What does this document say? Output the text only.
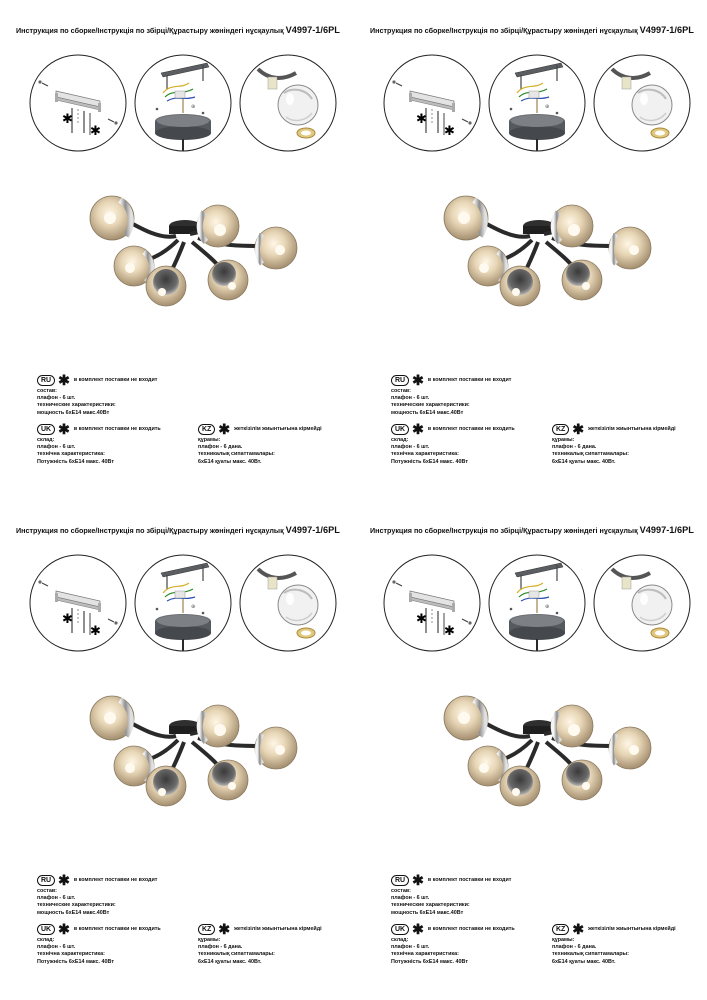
Инструкция по сборке/Інструкція по збірці/Құрастыру жөніндегі нұсқаулық V4997-1/6PL
✱
✱
⊕
RU ✱ в комплект поставки не входит
состав:
плафон - 6 шт.
технические характеристики:
мощность 6хЕ14 макс.40Вт
UK ✱ в комплект поставки не входить
склад:
плафон - 6 шт.
технічна характеристика:
Потужність 6хЕ14 макс. 40Вт
KZ ✱ жеткізілім жиынтығына кірмейді
құрамы:
плафон - 6 дана.
техникалық сипаттамалары:
6хЕ14 қуаты макс. 40Вт.
Инструкция по сборке/Інструкція по збірці/Құрастыру жөніндегі нұсқаулық V4997-1/6PL
✱
✱
⊕
RU ✱ в комплект поставки не входит
состав:
плафон - 6 шт.
технические характеристики:
мощность 6хЕ14 макс.40Вт
UK ✱ в комплект поставки не входить
склад:
плафон - 6 шт.
технічна характеристика:
Потужність 6хЕ14 макс. 40Вт
KZ ✱ жеткізілім жиынтығына кірмейді
құрамы:
плафон - 6 дана.
техникалық сипаттамалары:
6хЕ14 қуаты макс. 40Вт.
Инструкция по сборке/Інструкція по збірці/Құрастыру жөніндегі нұсқаулық V4997-1/6PL
✱
✱
⊕
RU ✱ в комплект поставки не входит
состав:
плафон - 6 шт.
технические характеристики:
мощность 6хЕ14 макс.40Вт
UK ✱ в комплект поставки не входить
склад:
плафон - 6 шт.
технічна характеристика:
Потужність 6хЕ14 макс. 40Вт
KZ ✱ жеткізілім жиынтығына кірмейді
құрамы:
плафон - 6 дана.
техникалық сипаттамалары:
6хЕ14 қуаты макс. 40Вт.
Инструкция по сборке/Інструкція по збірці/Құрастыру жөніндегі нұсқаулық V4997-1/6PL
✱
✱
⊕
RU ✱ в комплект поставки не входит
состав:
плафон - 6 шт.
технические характеристики:
мощность 6хЕ14 макс.40Вт
UK ✱ в комплект поставки не входить
склад:
плафон - 6 шт.
технічна характеристика:
Потужність 6хЕ14 макс. 40Вт
KZ ✱ жеткізілім жиынтығына кірмейді
құрамы:
плафон - 6 дана.
техникалық сипаттамалары:
6хЕ14 қуаты макс. 40Вт.
